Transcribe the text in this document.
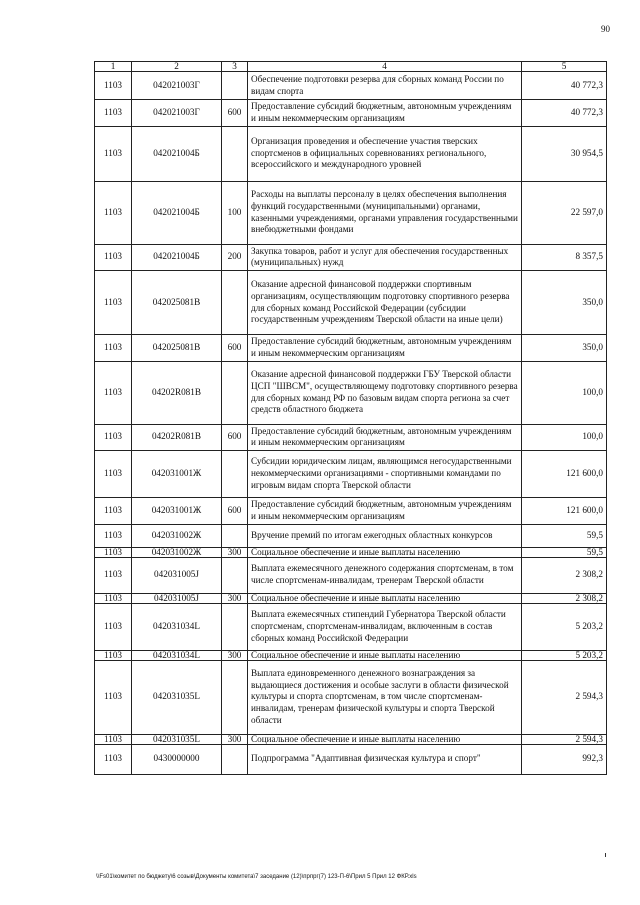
90
1	2	3	4	5
1103	042021003Г		Обеспечение подготовки резерва для сборных команд России по видам спорта	40 772,3
1103	042021003Г	600	Предоставление субсидий бюджетным, автономным учреждениям и иным некоммерческим организациям	40 772,3
1103	042021004Б		Организация проведения и обеспечение участия тверских спортсменов в официальных соревнованиях регионального, всероссийского и международного уровней	30 954,5
1103	042021004Б	100	Расходы на выплаты персоналу в целях обеспечения выполнения функций государственными (муниципальными) органами, казенными учреждениями, органами управления государственными внебюджетными фондами	22 597,0
1103	042021004Б	200	Закупка товаров, работ и услуг для обеспечения государственных (муниципальных) нужд	8 357,5
1103	042025081В		Оказание адресной финансовой поддержки спортивным организациям, осуществляющим подготовку спортивного резерва для сборных команд Российской Федерации (субсидии государственным учреждениям Тверской области на иные цели)	350,0
1103	042025081В	600	Предоставление субсидий бюджетным, автономным учреждениям и иным некоммерческим организациям	350,0
1103	04202R081В		Оказание адресной финансовой поддержки ГБУ Тверской области ЦСП "ШВСМ", осуществляющему подготовку спортивного резерва для сборных команд РФ по базовым видам спорта региона за счет средств областного бюджета	100,0
1103	04202R081В	600	Предоставление субсидий бюджетным, автономным учреждениям и иным некоммерческим организациям	100,0
1103	042031001Ж		Субсидии юридическим лицам, являющимся негосударственными некоммерческими организациями - спортивными командами по игровым видам спорта Тверской области	121 600,0
1103	042031001Ж	600	Предоставление субсидий бюджетным, автономным учреждениям и иным некоммерческим организациям	121 600,0
1103	042031002Ж		Вручение премий по итогам ежегодных областных конкурсов	59,5
1103	042031002Ж	300	Социальное обеспечение и иные выплаты населению	59,5
1103	042031005J		Выплата ежемесячного денежного содержания спортсменам, в том числе спортсменам-инвалидам, тренерам Тверской области	2 308,2
1103	042031005J	300	Социальное обеспечение и иные выплаты населению	2 308,2
1103	042031034L		Выплата ежемесячных стипендий Губернатора Тверской области спортсменам, спортсменам-инвалидам, включенным в состав сборных команд Российской Федерации	5 203,2
1103	042031034L	300	Социальное обеспечение и иные выплаты населению	5 203,2
1103	042031035L		Выплата единовременного денежного вознаграждения за выдающиеся достижения и особые заслуги в области физической культуры и спорта спортсменам, в том числе спортсменам-инвалидам, тренерам физической культуры и спорта Тверской области	2 594,3
1103	042031035L	300	Социальное обеспечение и иные выплаты населению	2 594,3
1103	0430000000		Подпрограмма "Адаптивная физическая культура и спорт"	992,3
\\Fs01\комитет по бюджету\6 созыв\Документы комитета\7 заседание (12)\прпрг(7) 123-П-6\Прил 5 Прил 12 ФКР.xls
